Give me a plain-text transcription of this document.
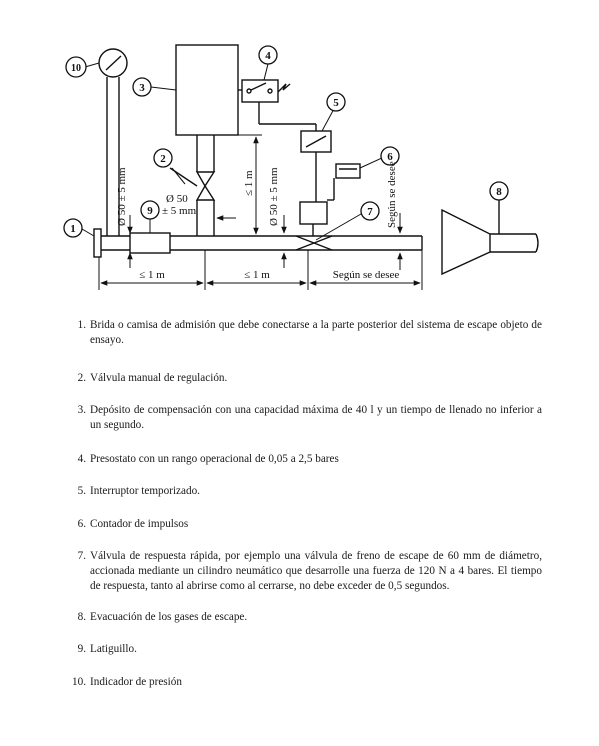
1
2
3
4
5
6
7
8
9
10
≤ 1 m	≤ 1 m	Según se desee
Ø 50 ± 5 mm	Ø 50 ± 5 mm
≤ 1 m	Según se desee
Ø 50
± 5 mm
1. Brida o camisa de admisión que debe conectarse a la parte posterior del sistema de escape objeto de ensayo.
2. Válvula manual de regulación.
3. Depósito de compensación con una capacidad máxima de 40 l y un tiempo de llenado no inferior a un segundo.
4. Presostato con un rango operacional de 0,05 a 2,5 bares
5. Interruptor temporizado.
6. Contador de impulsos
7. Válvula de respuesta rápida, por ejemplo una válvula de freno de escape de 60 mm de diámetro, accionada mediante un cilindro neumático que desarrolle una fuerza de 120 N a 4 bares. El tiempo de respuesta, tanto al abrirse como al cerrarse, no debe exceder de 0,5 segundos.
8. Evacuación de los gases de escape.
9. Latiguillo.
10. Indicador de presión
